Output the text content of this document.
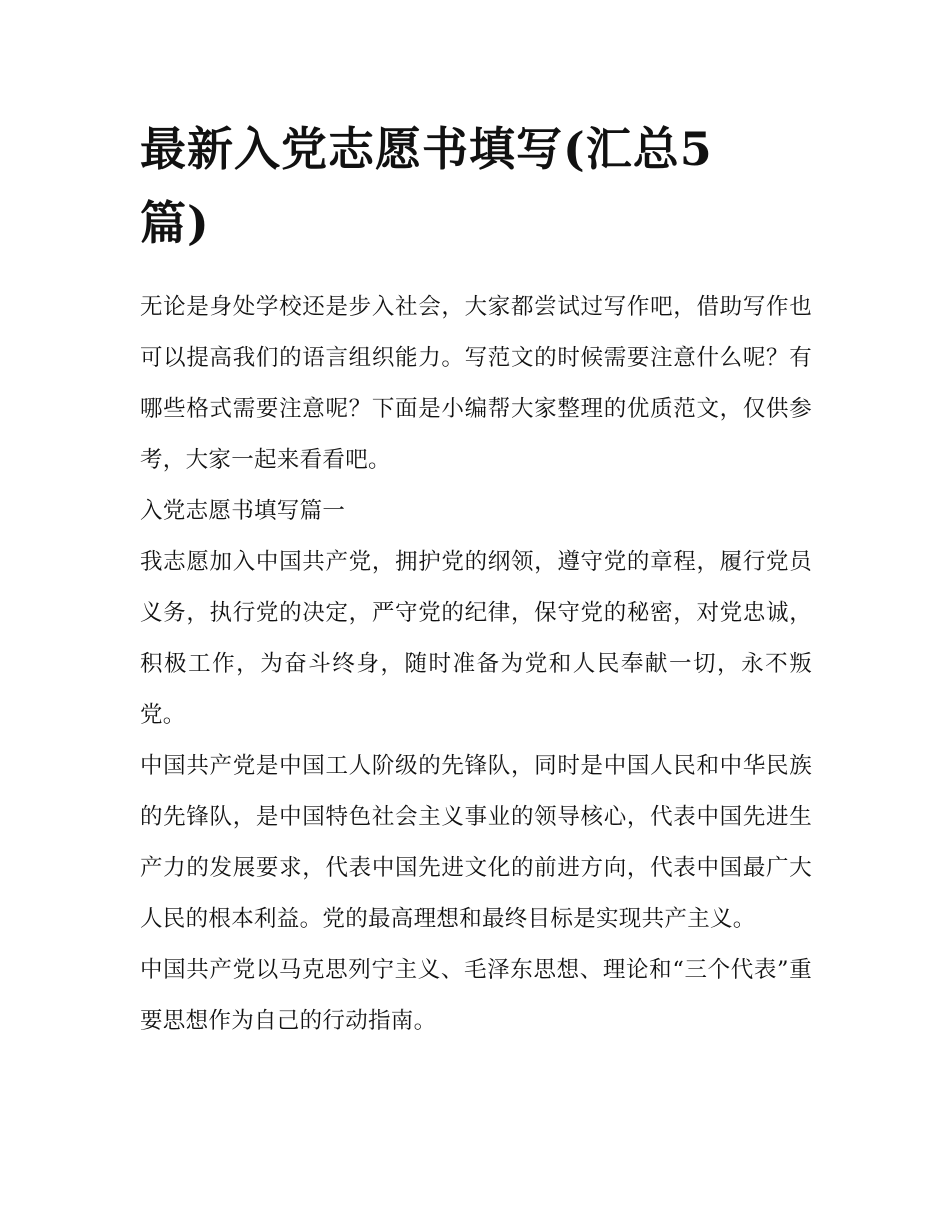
最新入党志愿书填写(汇总5篇)

无论是身处学校还是步入社会，大家都尝试过写作吧，借助写作也可以提高我们的语言组织能力。写范文的时候需要注意什么呢？有哪些格式需要注意呢？下面是小编帮大家整理的优质范文，仅供参考，大家一起来看看吧。

入党志愿书填写篇一

我志愿加入中国共产党，拥护党的纲领，遵守党的章程，履行党员义务，执行党的决定，严守党的纪律，保守党的秘密，对党忠诚，积极工作，为奋斗终身，随时准备为党和人民奉献一切，永不叛党。

中国共产党是中国工人阶级的先锋队，同时是中国人民和中华民族的先锋队，是中国特色社会主义事业的领导核心，代表中国先进生产力的发展要求，代表中国先进文化的前进方向，代表中国最广大人民的根本利益。党的最高理想和最终目标是实现共产主义。

中国共产党以马克思列宁主义、毛泽东思想、理论和“三个代表”重要思想作为自己的行动指南。
